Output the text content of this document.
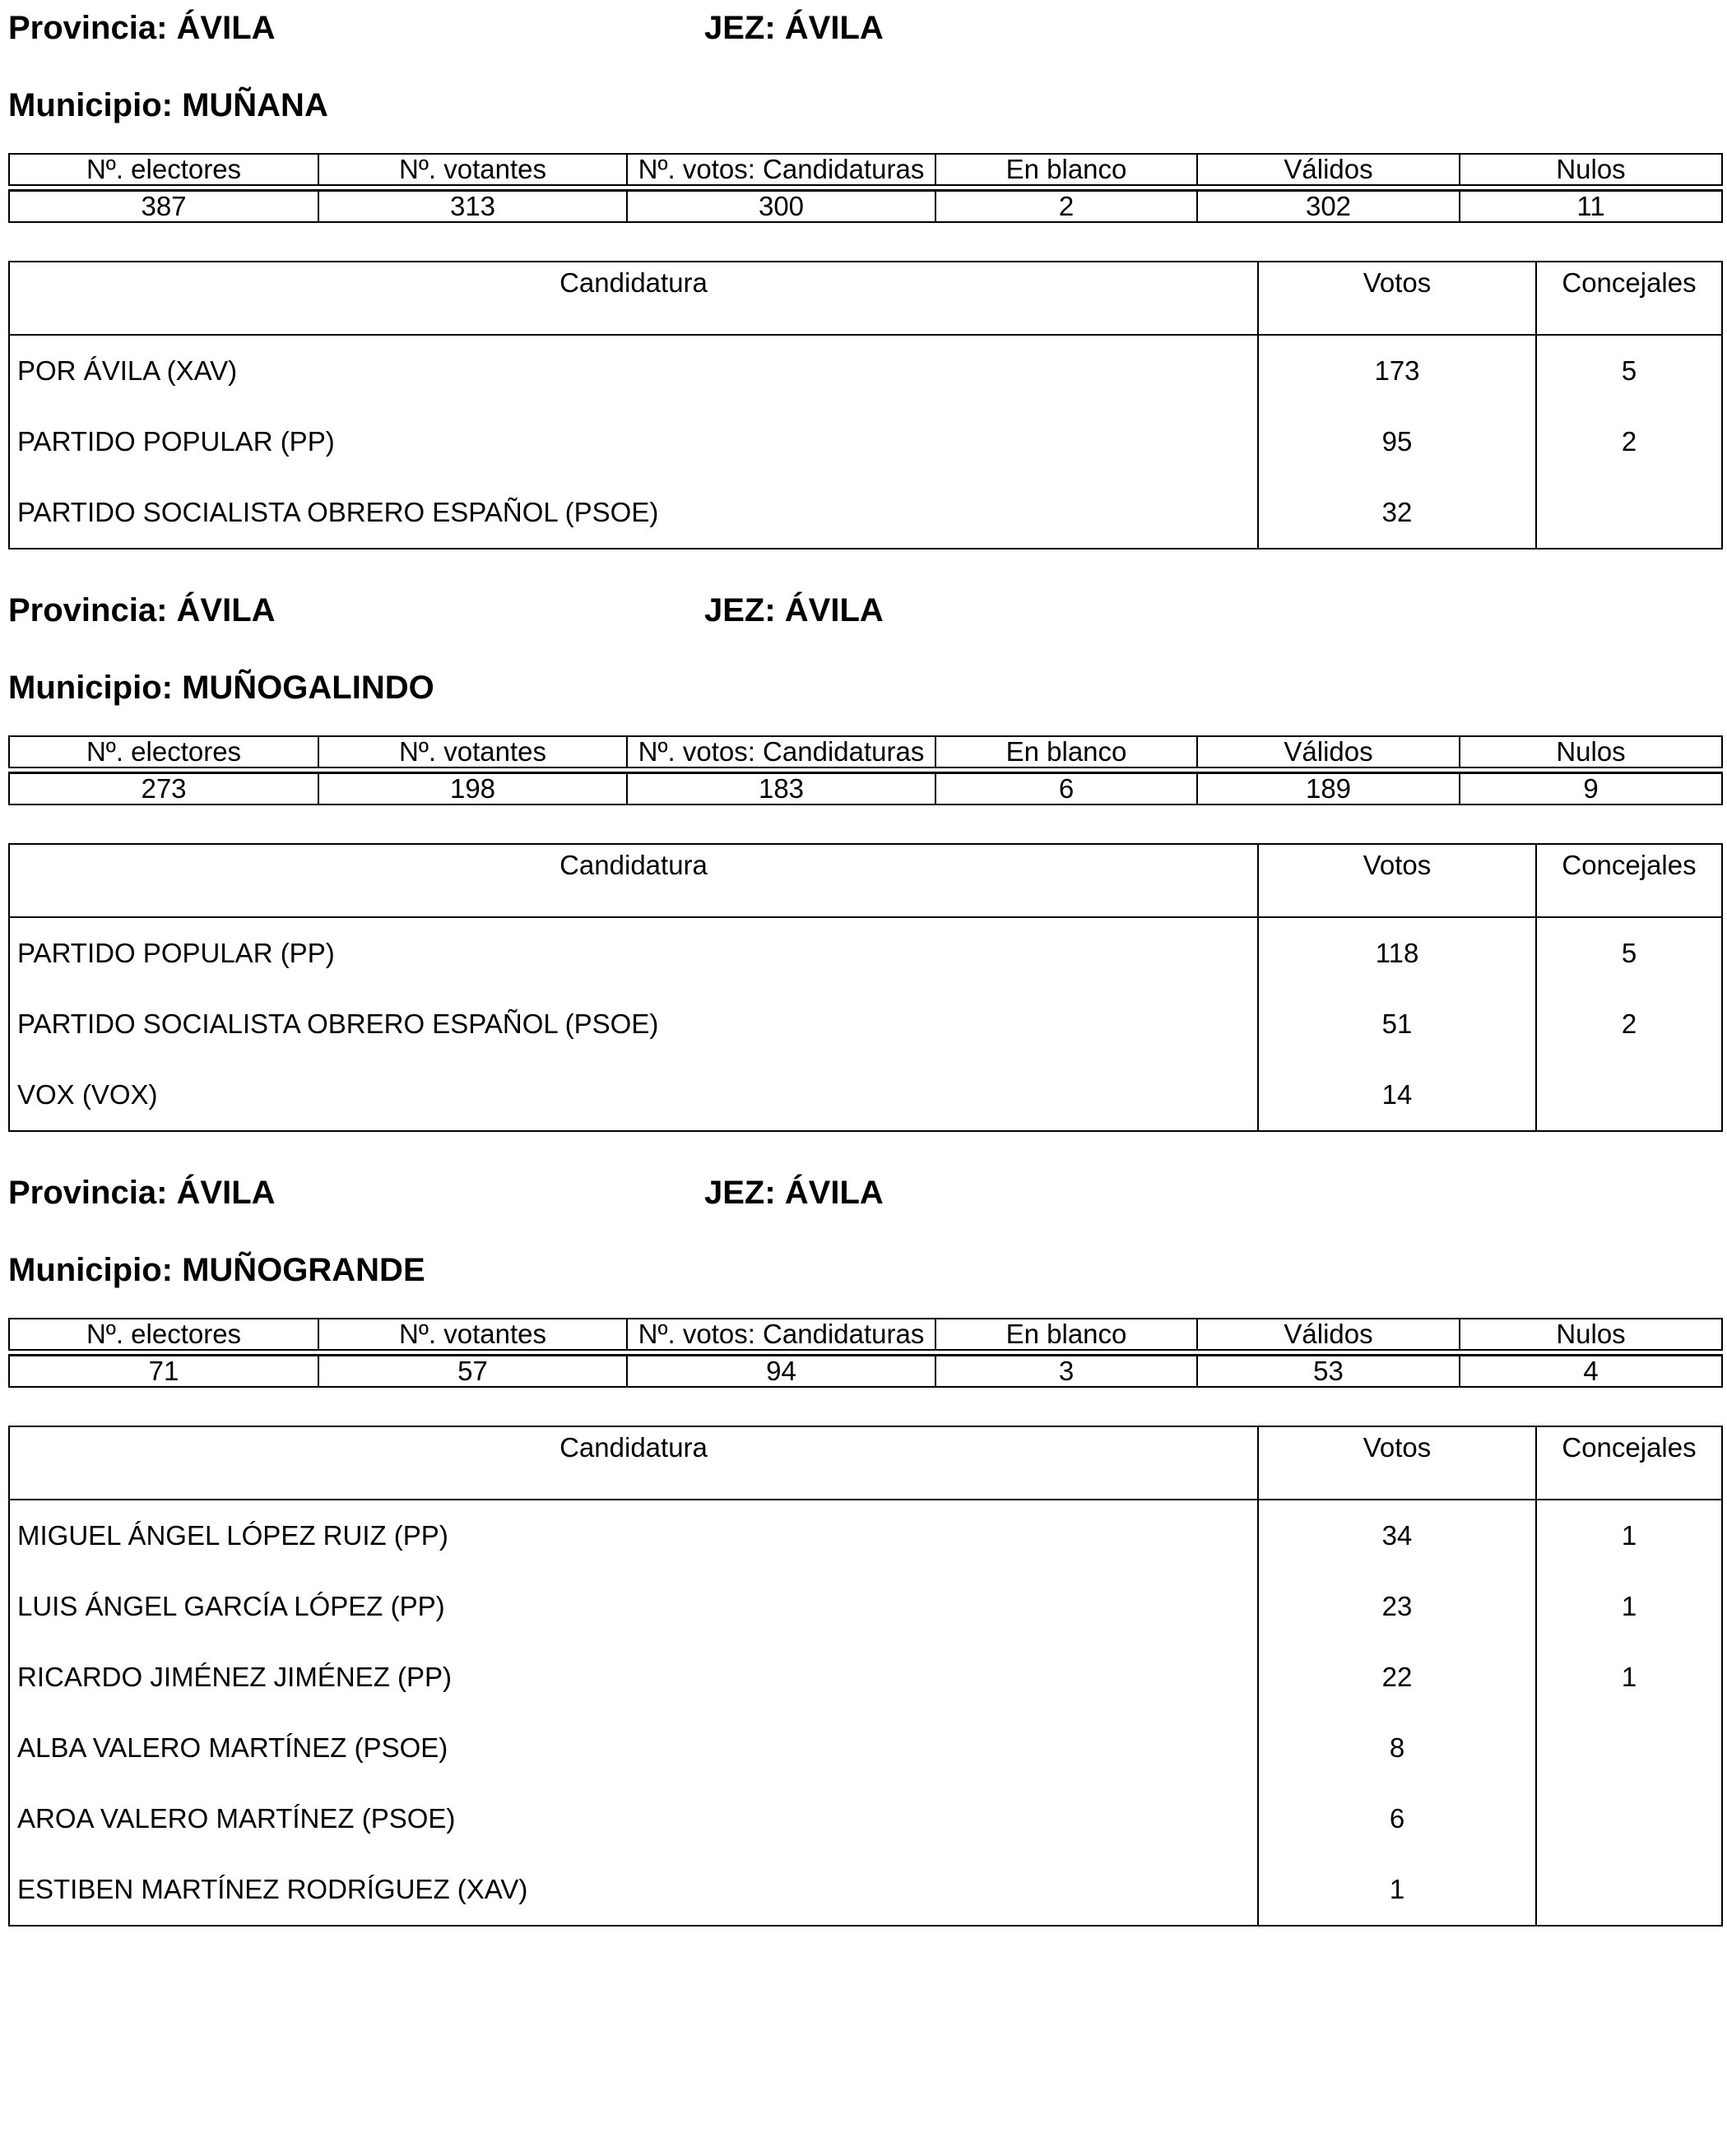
Provincia: ÁVILA	JEZ: ÁVILA
Municipio: MUÑANA
Nº. electores	Nº. votantes	Nº. votos: Candidaturas	En blanco	Válidos	Nulos

387	313	300	2	302	11
Candidatura	Votos	Concejales
POR ÁVILA (XAV)	173	5
PARTIDO POPULAR (PP)	95	2
PARTIDO SOCIALISTA OBRERO ESPAÑOL (PSOE)	32	
Provincia: ÁVILA	JEZ: ÁVILA
Municipio: MUÑOGALINDO
Nº. electores	Nº. votantes	Nº. votos: Candidaturas	En blanco	Válidos	Nulos

273	198	183	6	189	9
Candidatura	Votos	Concejales
PARTIDO POPULAR (PP)	118	5
PARTIDO SOCIALISTA OBRERO ESPAÑOL (PSOE)	51	2
VOX (VOX)	14	
Provincia: ÁVILA	JEZ: ÁVILA
Municipio: MUÑOGRANDE
Nº. electores	Nº. votantes	Nº. votos: Candidaturas	En blanco	Válidos	Nulos

71	57	94	3	53	4
Candidatura	Votos	Concejales
MIGUEL ÁNGEL LÓPEZ RUIZ (PP)	34	1
LUIS ÁNGEL GARCÍA LÓPEZ (PP)	23	1
RICARDO JIMÉNEZ JIMÉNEZ (PP)	22	1
ALBA VALERO MARTÍNEZ (PSOE)	8	
AROA VALERO MARTÍNEZ (PSOE)	6	
ESTIBEN MARTÍNEZ RODRÍGUEZ (XAV)	1	
